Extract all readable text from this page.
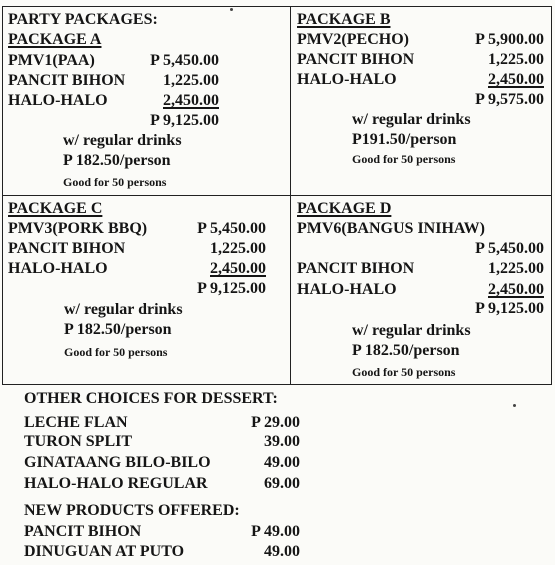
PARTY PACKAGES:
PACKAGE A
PMV1(PAA)	P 5,450.00
PANCIT BIHON 1,225.00
HALO-HALO	2,450.00
P 9,125.00
w/ regular drinks
P 182.50/person
Good for 50 persons
PACKAGE B
PMV2(PECHO)	P 5,900.00
PANCIT BIHON	1,225.00
HALO-HALO	2,450.00
P 9,575.00
w/ regular drinks
P191.50/person
Good for 50 persons
PACKAGE C
PMV3(PORK BBQ)	P 5,450.00
PANCIT BIHON	1,225.00
HALO-HALO	2,450.00
P 9,125.00
w/ regular drinks
P 182.50/person
Good for 50 persons
PACKAGE D
PMV6(BANGUS INIHAW)
P 5,450.00
PANCIT BIHON	1,225.00
HALO-HALO	2,450.00
P 9,125.00
w/ regular drinks
P 182.50/person
Good for 50 persons
OTHER CHOICES FOR DESSERT:
LECHE FLAN	P 29.00
TURON SPLIT	39.00
GINATAANG BILO-BILO	49.00
HALO-HALO REGULAR	69.00
NEW PRODUCTS OFFERED:
PANCIT BIHON	P 49.00
DINUGUAN AT PUTO	49.00
